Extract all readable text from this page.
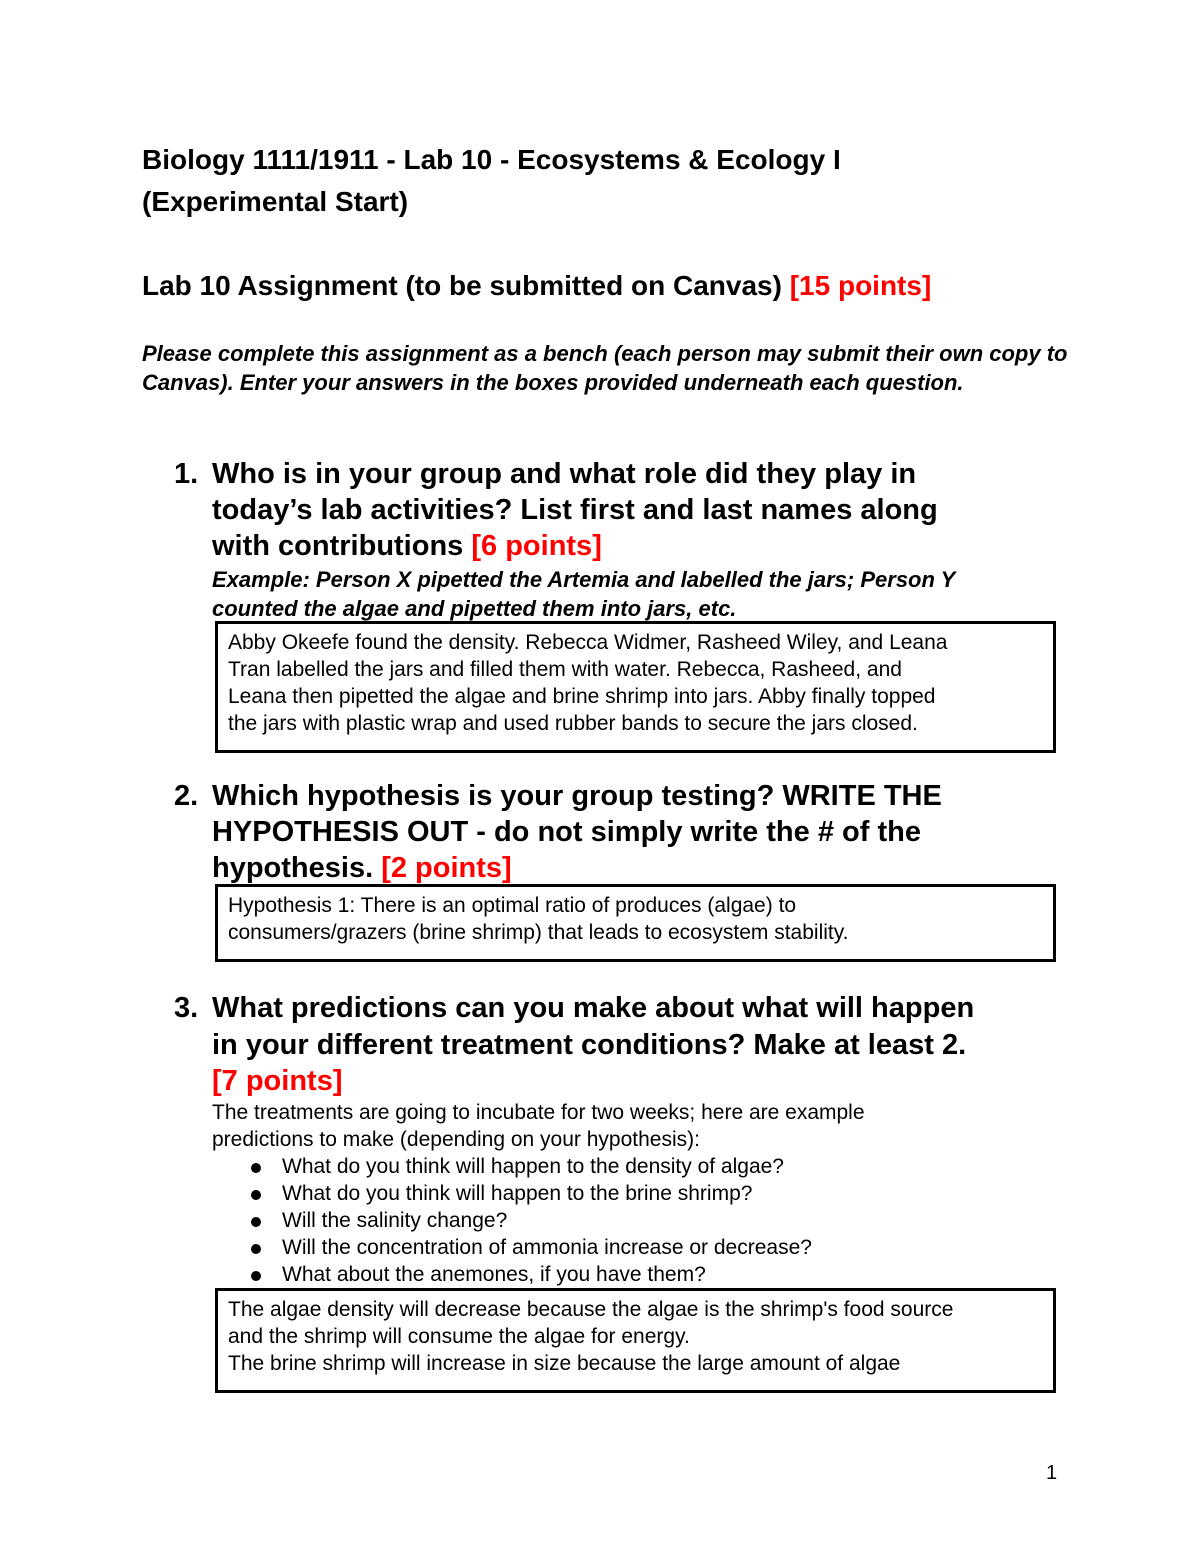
Biology 1111/1911 - Lab 10 - Ecosystems & Ecology I
(Experimental Start)
Lab 10 Assignment (to be submitted on Canvas) [15 points]
Please complete this assignment as a bench (each person may submit their own copy to Canvas). Enter your answers in the boxes provided underneath each question.
1. Who is in your group and what role did they play in
today’s lab activities? List first and last names along
with contributions [6 points]
Example: Person X pipetted the Artemia and labelled the jars; Person Y
counted the algae and pipetted them into jars, etc.
Abby Okeefe found the density. Rebecca Widmer, Rasheed Wiley, and Leana
Tran labelled the jars and filled them with water. Rebecca, Rasheed, and
Leana then pipetted the algae and brine shrimp into jars. Abby finally topped
the jars with plastic wrap and used rubber bands to secure the jars closed.
2. Which hypothesis is your group testing? WRITE THE
HYPOTHESIS OUT - do not simply write the # of the
hypothesis. [2 points]
Hypothesis 1: There is an optimal ratio of produces (algae) to
consumers/grazers (brine shrimp) that leads to ecosystem stability.
3. What predictions can you make about what will happen
in your different treatment conditions? Make at least 2.
[7 points]
The treatments are going to incubate for two weeks; here are example
predictions to make (depending on your hypothesis):
What do you think will happen to the density of algae?
What do you think will happen to the brine shrimp?
Will the salinity change?
Will the concentration of ammonia increase or decrease?
What about the anemones, if you have them?
The algae density will decrease because the algae is the shrimp's food source
and the shrimp will consume the algae for energy.
The brine shrimp will increase in size because the large amount of algae
1
